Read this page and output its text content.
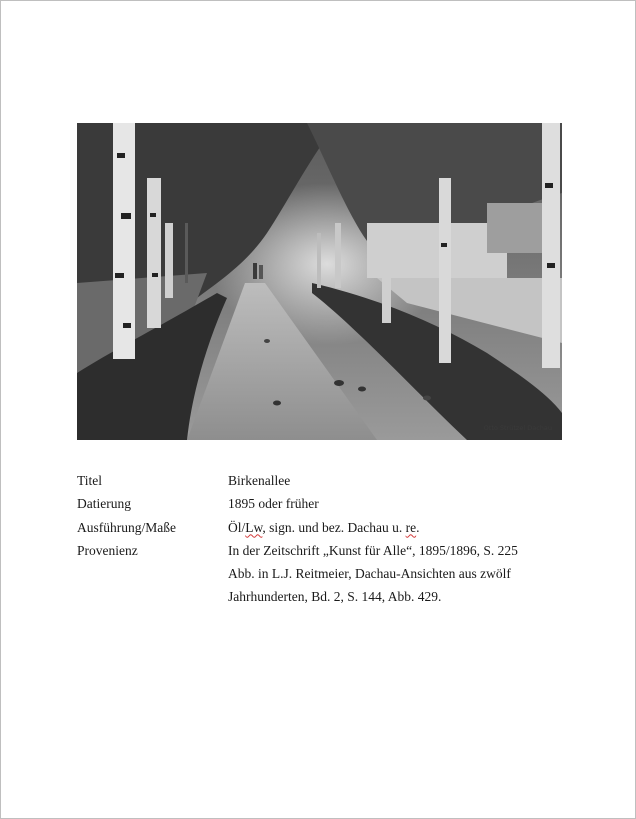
Otto Strützel Dachau
Titel	Birkenallee
Datierung	1895 oder früher
Ausführung/Maße	Öl/Lw, sign. und bez. Dachau u. re.
Provenienz	In der Zeitschrift „Kunst für Alle“, 1895/1896, S. 225
Abb. in L.J. Reitmeier, Dachau-Ansichten aus zwölf
Jahrhunderten, Bd. 2, S. 144, Abb. 429.
